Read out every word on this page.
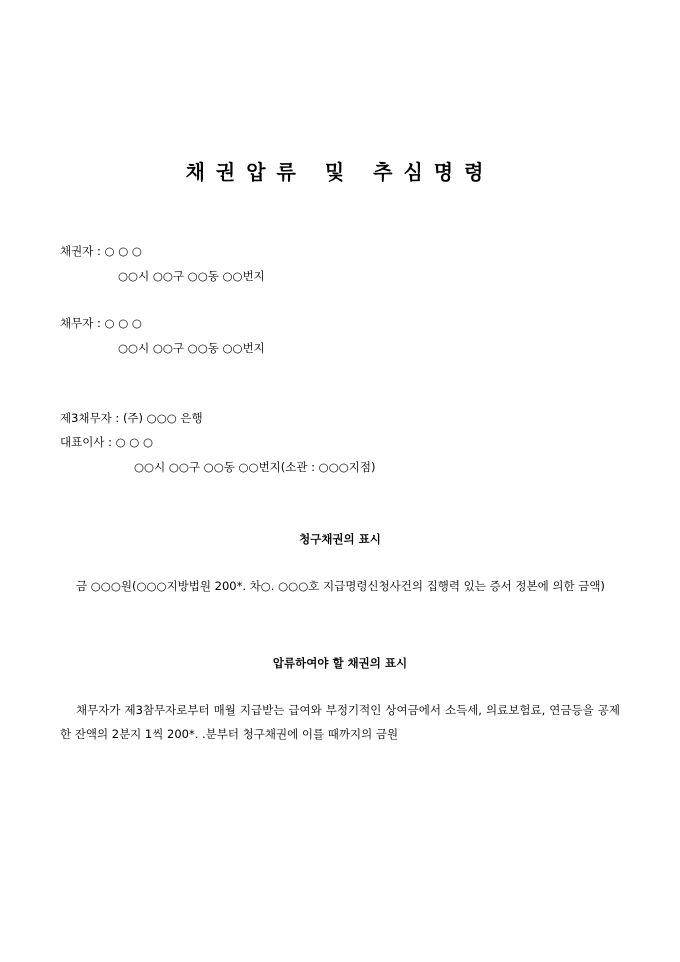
채권압류 및 추심명령
채권자 : ○ ○ ○
○○시 ○○구 ○○동 ○○번지
채무자 : ○ ○ ○
○○시 ○○구 ○○동 ○○번지
제3채무자 : (주) ○○○ 은행
대표이사 : ○ ○ ○
○○시 ○○구 ○○동 ○○번지(소관 : ○○○지점)
청구채권의 표시
금 ○○○원(○○○지방법원 200*. 차○. ○○○호 지급명령신청사건의 집행력 있는 증서 정본에 의한 금액)
압류하여야 할 채권의 표시
채무자가 제3참무자로부터 매월 지급받는 급여와 부정기적인 상여금에서 소득세, 의료보험료, 연금등을 공제한 잔액의 2분지 1씩 200*. .분부터 청구채권에 이를 때까지의 금원
